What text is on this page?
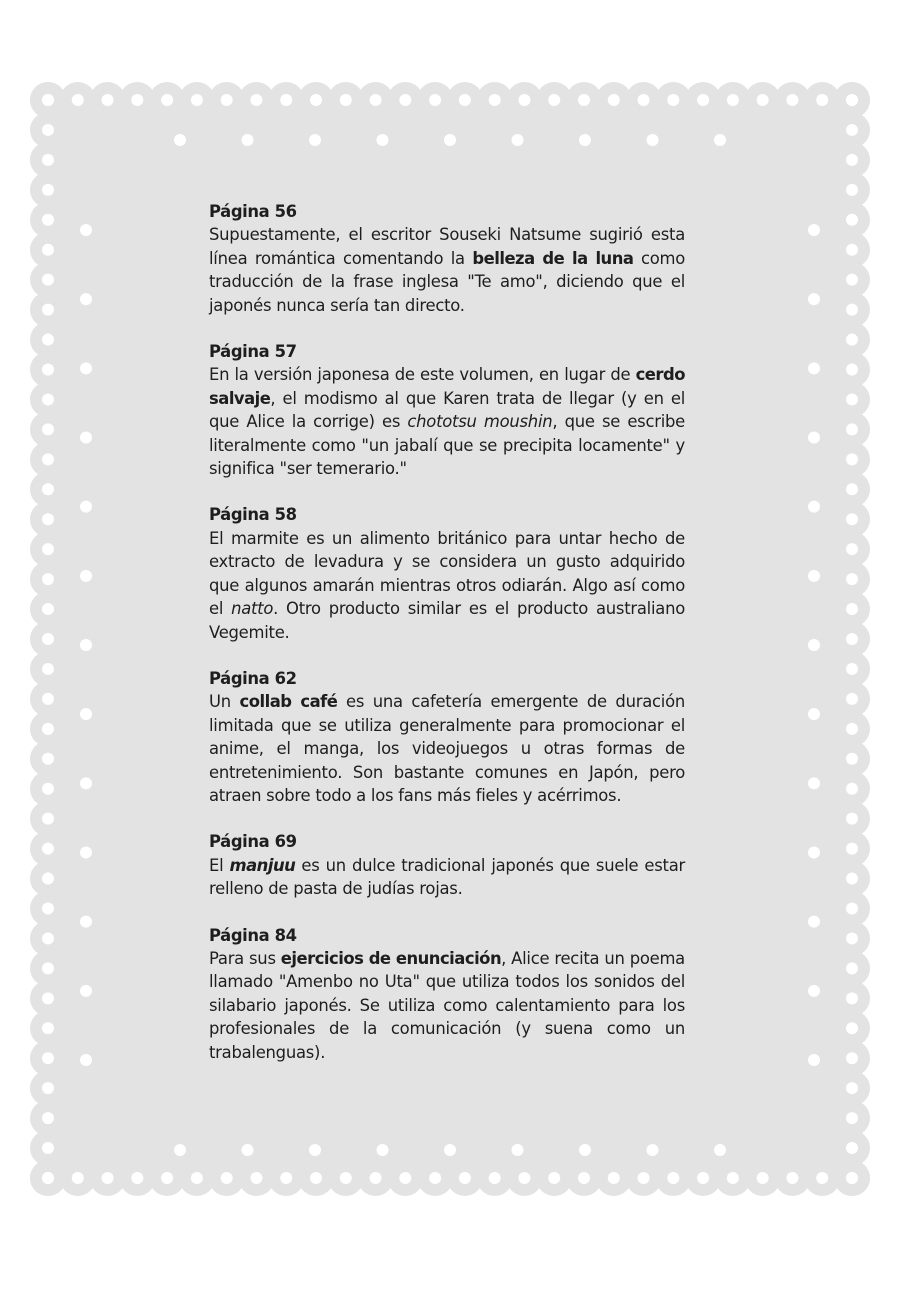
Página 56
Supuestamente, el escritor Souseki Natsume sugirió esta línea romántica comentando la belleza de la luna como traducción de la frase inglesa "Te amo", diciendo que el japonés nunca sería tan directo.
Página 57
En la versión japonesa de este volumen, en lugar de cerdo salvaje, el modismo al que Karen trata de llegar (y en el que Alice la corrige) es chototsu moushin, que se escribe literalmente como "un jabalí que se precipita locamente" y significa "ser temerario."
Página 58
El marmite es un alimento británico para untar hecho de extracto de levadura y se considera un gusto adquirido que algunos amarán mientras otros odiarán. Algo así como el natto. Otro producto similar es el producto australiano Vegemite.
Página 62
Un collab café es una cafetería emergente de duración limitada que se utiliza generalmente para promocionar el anime, el manga, los videojuegos u otras formas de entretenimiento. Son bastante comunes en Japón, pero atraen sobre todo a los fans más fieles y acérrimos.
Página 69
El manjuu es un dulce tradicional japonés que suele estar relleno de pasta de judías rojas.
Página 84
Para sus ejercicios de enunciación, Alice recita un poema llamado "Amenbo no Uta" que utiliza todos los sonidos del silabario japonés. Se utiliza como calentamiento para los profesionales de la comunicación (y suena como un trabalenguas).
